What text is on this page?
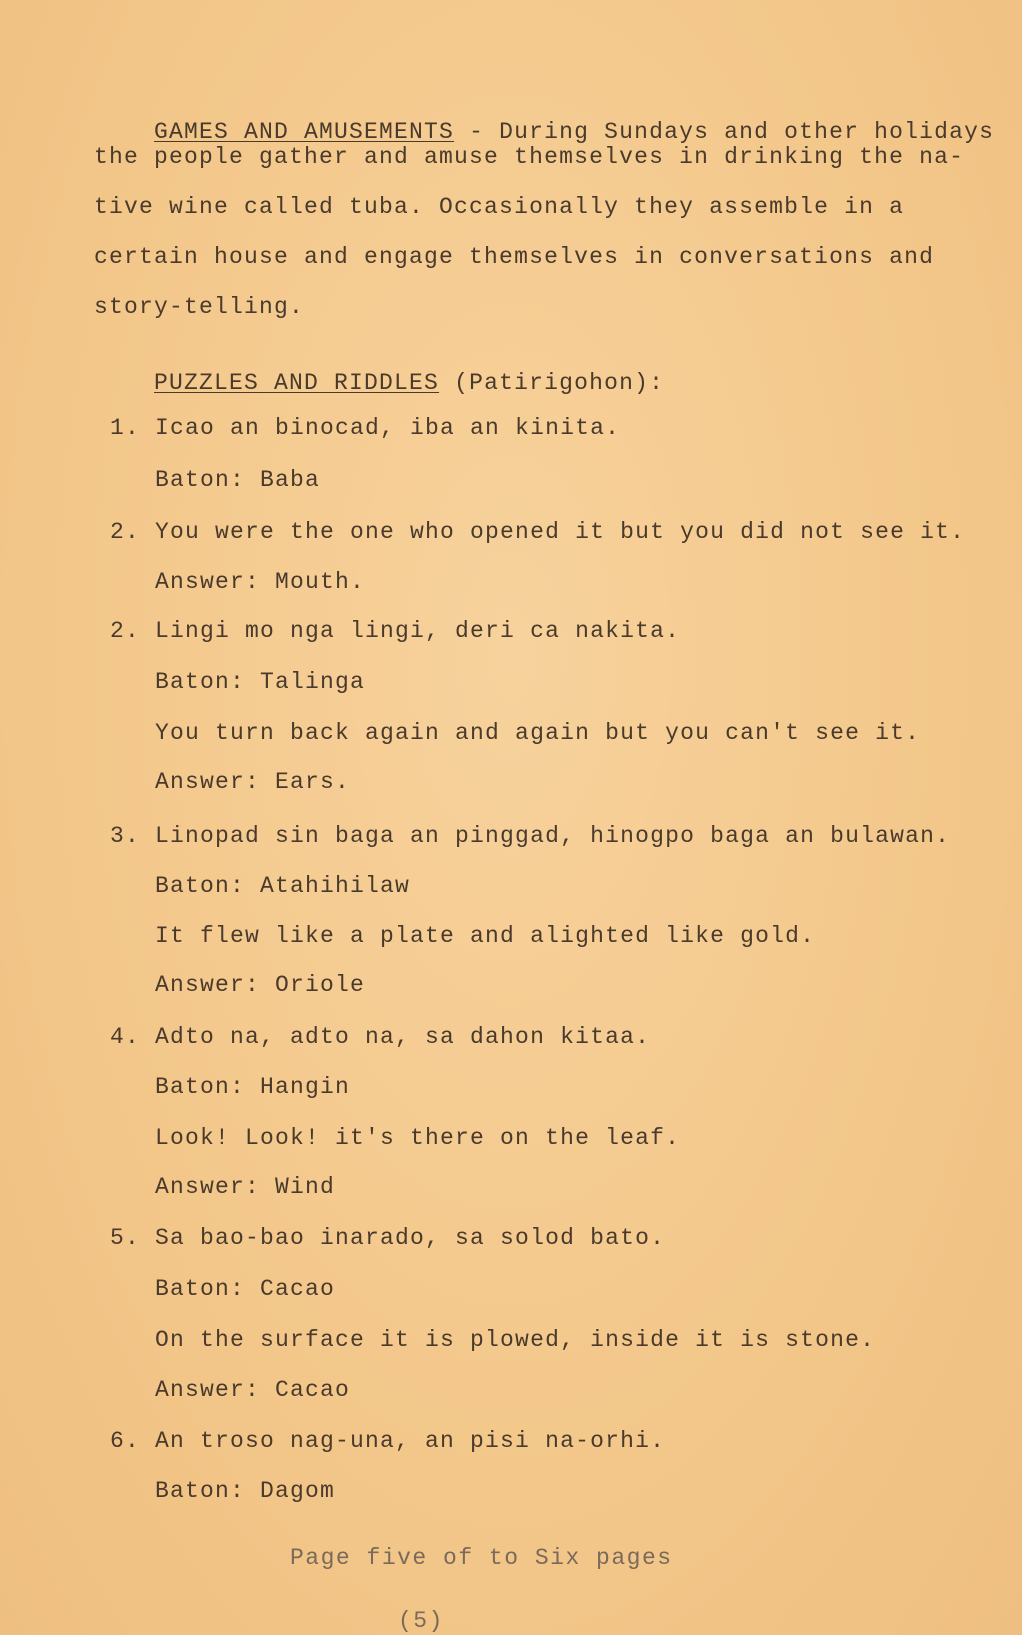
GAMES AND AMUSEMENTS - During Sundays and other holidays

the people gather and amuse themselves in drinking the na-
tive wine called tuba. Occasionally they assemble in a
certain house and engage themselves in conversations and
story-telling.

PUZZLES AND RIDDLES (Patirigohon):

1. Icao an binocad, iba an kinita.
Baton: Baba
2. You were the one who opened it but you did not see it.
Answer: Mouth.
2. Lingi mo nga lingi, deri ca nakita.
Baton: Talinga
You turn back again and again but you can't see it.
Answer: Ears.
3. Linopad sin baga an pinggad, hinogpo baga an bulawan.
Baton: Atahihilaw
It flew like a plate and alighted like gold.
Answer: Oriole
4. Adto na, adto na, sa dahon kitaa.
Baton: Hangin
Look! Look! it's there on the leaf.
Answer: Wind
5. Sa bao-bao inarado, sa solod bato.
Baton: Cacao
On the surface it is plowed, inside it is stone.
Answer: Cacao
6. An troso nag-una, an pisi na-orhi.
Baton: Dagom
Page five of to Six pages
(5)
